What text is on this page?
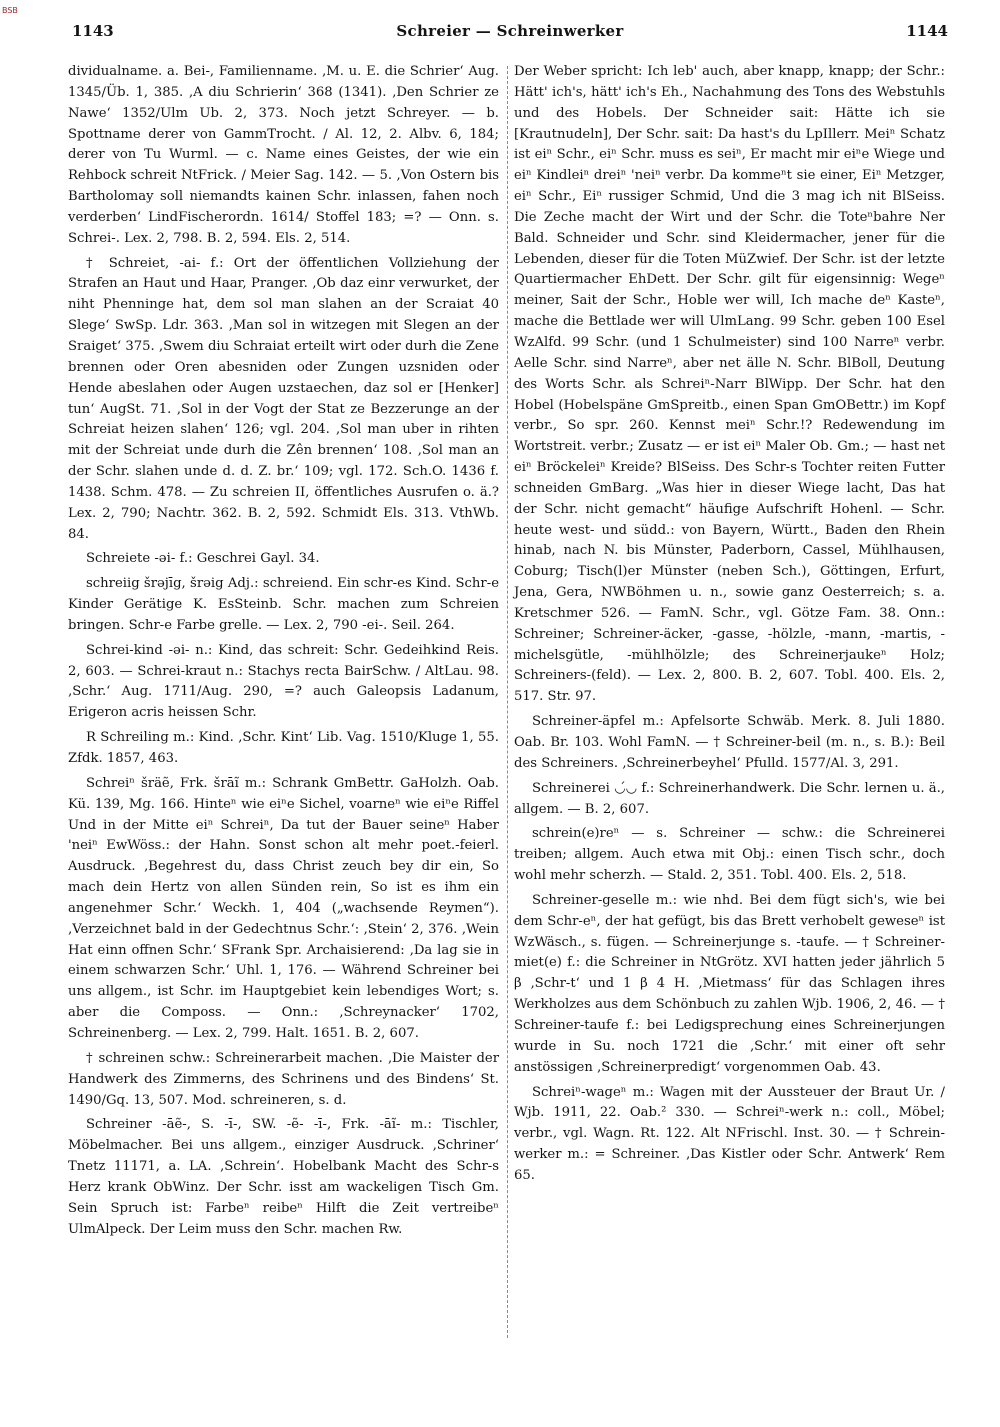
BSB
1143	Schreier — Schreinwerker	1144

dividualname. a. Bei-, Familienname. ‚M. u. E. die Schrier‘ Aug. 1345/Üb. 1, 385. ‚A diu Schrierin‘ 368 (1341). ‚Den Schrier ze Nawe‘ 1352/Ulm Ub. 2, 373. Noch jetzt Schreyer. — b. Spottname derer von GammTrocht. / Al. 12, 2. Albv. 6, 184; derer von Tu Wurml. — c. Name eines Geistes, der wie ein Rehbock schreit NtFrick. / Meier Sag. 142. — 5. ‚Von Ostern bis Bartholomay soll niemandts kainen Schr. inlassen, fahen noch verderben‘ LindFischerordn. 1614/ Stoffel 183; =? — Onn. s. Schrei-. Lex. 2, 798. B. 2, 594. Els. 2, 514.

† Schreiet, -ai- f.: Ort der öffentlichen Vollziehung der Strafen an Haut und Haar, Pranger. ‚Ob daz einr verwurket, der niht Phenninge hat, dem sol man slahen an der Scraiat 40 Slege‘ SwSp. Ldr. 363. ‚Man sol in witzegen mit Slegen an der Sraiget‘ 375. ‚Swem diu Schraiat erteilt wirt oder durh die Zene brennen oder Oren abesniden oder Zungen uzsniden oder Hende abeslahen oder Augen uzstaechen, daz sol er [Henker] tun‘ AugSt. 71. ‚Sol in der Vogt der Stat ze Bezzerunge an der Schreiat heizen slahen‘ 126; vgl. 204. ‚Sol man uber in rihten mit der Schreiat unde durh die Zên brennen‘ 108. ‚Sol man an der Schr. slahen unde d. d. Z. br.‘ 109; vgl. 172. Sch.O. 1436 f. 1438. Schm. 478. — Zu schreien II, öffentliches Ausrufen o. ä.? Lex. 2, 790; Nachtr. 362. B. 2, 592. Schmidt Els. 313. VthWb. 84.

Schreiete -əi- f.: Geschrei Gayl. 34.

schreiig šrəjīg, šrəig Adj.: schreiend. Ein schr-es Kind. Schr-e Kinder Gerätige K. EsSteinb. Schr. machen zum Schreien bringen. Schr-e Farbe grelle. — Lex. 2, 790 -ei-. Seil. 264.

Schrei-kind -əi- n.: Kind, das schreit: Schr. Gedeihkind Reis. 2, 603. — Schrei-kraut n.: Stachys recta BairSchw. / AltLau. 98. ‚Schr.‘ Aug. 1711/Aug. 290, =? auch Galeopsis Ladanum, Erigeron acris heissen Schr.

R Schreiling m.: Kind. ‚Schr. Kint‘ Lib. Vag. 1510/Kluge 1, 55. Zfdk. 1857, 463.

Schreiⁿ šräẽ, Frk. šrāĩ m.: Schrank GmBettr. GaHolzh. Oab. Kü. 139, Mg. 166. Hinteⁿ wie eiⁿe Sichel, voarneⁿ wie eiⁿe Riffel Und in der Mitte eiⁿ Schreiⁿ, Da tut der Bauer seineⁿ Haber 'neiⁿ EwWöss.: der Hahn. Sonst schon alt mehr poet.-feierl. Ausdruck. ‚Begehrest du, dass Christ zeuch bey dir ein, So mach dein Hertz von allen Sünden rein, So ist es ihm ein angenehmer Schr.‘ Weckh. 1, 404 („wachsende Reymen“). ‚Verzeichnet bald in der Gedechtnus Schr.‘: ‚Stein‘ 2, 376. ‚Wein Hat einn offnen Schr.‘ SFrank Spr. Archaisierend: ‚Da lag sie in einem schwarzen Schr.‘ Uhl. 1, 176. — Während Schreiner bei uns allgem., ist Schr. im Hauptgebiet kein lebendiges Wort; s. aber die Composs. — Onn.: ‚Schreynacker‘ 1702, Schreinenberg. — Lex. 2, 799. Halt. 1651. B. 2, 607.

† schreinen schw.: Schreinerarbeit machen. ‚Die Maister der Handwerk des Zimmerns, des Schrinens und des Bindens‘ St. 1490/Gq. 13, 507. Mod. schreineren, s. d.

Schreiner -āẽ-, S. -ī-, SW. -ẽ- -ī-, Frk. -āĩ- m.: Tischler, Möbelmacher. Bei uns allgem., einziger Ausdruck. ‚Schriner‘ Tnetz 11171, a. LA. ‚Schrein‘. Hobelbank Macht des Schr-s Herz krank ObWinz. Der Schr. isst am wackeligen Tisch Gm. Sein Spruch ist: Farbeⁿ reibeⁿ Hilft die Zeit vertreibeⁿ UlmAlpeck. Der Leim muss den Schr. machen Rw.

Der Weber spricht: Ich leb' auch, aber knapp, knapp; der Schr.: Hätt' ich's, hätt' ich's Eh., Nachahmung des Tons des Webstuhls und des Hobels. Der Schneider sait: Hätte ich sie [Krautnudeln], Der Schr. sait: Da hast's du LpIllerr. Meiⁿ Schatz ist eiⁿ Schr., eiⁿ Schr. muss es seiⁿ, Er macht mir eiⁿe Wiege und eiⁿ Kindleiⁿ dreiⁿ 'neiⁿ verbr. Da kommeⁿt sie einer, Eiⁿ Metzger, eiⁿ Schr., Eiⁿ russiger Schmid, Und die 3 mag ich nit BlSeiss. Die Zeche macht der Wirt und der Schr. die Toteⁿbahre Ner Bald. Schneider und Schr. sind Kleidermacher, jener für die Lebenden, dieser für die Toten MüZwief. Der Schr. ist der letzte Quartiermacher EhDett. Der Schr. gilt für eigensinnig: Wegeⁿ meiner, Sait der Schr., Hoble wer will, Ich mache deⁿ Kasteⁿ, mache die Bettlade wer will UlmLang. 99 Schr. geben 100 Esel WzAlfd. 99 Schr. (und 1 Schulmeister) sind 100 Narreⁿ verbr. Aelle Schr. sind Narreⁿ, aber net älle N. Schr. BlBoll, Deutung des Worts Schr. als Schreiⁿ-Narr BlWipp. Der Schr. hat den Hobel (Hobelspäne GmSpreitb., einen Span GmOBettr.) im Kopf verbr., So spr. 260. Kennst meiⁿ Schr.!? Redewendung im Wortstreit. verbr.; Zusatz — er ist eiⁿ Maler Ob. Gm.; — hast net eiⁿ Bröckeleiⁿ Kreide? BlSeiss. Des Schr-s Tochter reiten Futter schneiden GmBarg. „Was hier in dieser Wiege lacht, Das hat der Schr. nicht gemacht“ häufige Aufschrift Hohenl. — Schr. heute west- und südd.: von Bayern, Württ., Baden den Rhein hinab, nach N. bis Münster, Paderborn, Cassel, Mühlhausen, Coburg; Tisch(l)er Münster (neben Sch.), Göttingen, Erfurt, Jena, Gera, NWBöhmen u. n., sowie ganz Oesterreich; s. a. Kretschmer 526. — FamN. Schr., vgl. Götze Fam. 38. Onn.: Schreiner; Schreiner-äcker, -gasse, -hölzle, -mann, -martis, -michelsgütle, -mühlhölzle; des Schreinerjaukeⁿ Holz; Schreiners-(feld). — Lex. 2, 800. B. 2, 607. Tobl. 400. Els. 2, 517. Str. 97.

Schreiner-äpfel m.: Apfelsorte Schwäb. Merk. 8. Juli 1880. Oab. Br. 103. Wohl FamN. — † Schreiner-beil (m. n., s. B.): Beil des Schreiners. ‚Schreinerbeyhel‘ Pfulld. 1577/Al. 3, 291.

Schreinerei ◡́◡ f.: Schreinerhandwerk. Die Schr. lernen u. ä., allgem. — B. 2, 607.

schrein(e)reⁿ — s. Schreiner — schw.: die Schreinerei treiben; allgem. Auch etwa mit Obj.: einen Tisch schr., doch wohl mehr scherzh. — Stald. 2, 351. Tobl. 400. Els. 2, 518.

Schreiner-geselle m.: wie nhd. Bei dem fügt sich's, wie bei dem Schr-eⁿ, der hat gefügt, bis das Brett verhobelt geweseⁿ ist WzWäsch., s. fügen. — Schreinerjunge s. -taufe. — † Schreiner-miet(e) f.: die Schreiner in NtGrötz. XVI hatten jeder jährlich 5 β ‚Schr-t‘ und 1 β 4 H. ‚Mietmass‘ für das Schlagen ihres Werkholzes aus dem Schönbuch zu zahlen Wjb. 1906, 2, 46. — † Schreiner-taufe f.: bei Ledigsprechung eines Schreinerjungen wurde in Su. noch 1721 die ‚Schr.‘ mit einer oft sehr anstössigen ‚Schreinerpredigt‘ vorgenommen Oab. 43.

Schreiⁿ-wageⁿ m.: Wagen mit der Aussteuer der Braut Ur. / Wjb. 1911, 22. Oab.² 330. — Schreiⁿ-werk n.: coll., Möbel; verbr., vgl. Wagn. Rt. 122. Alt NFrischl. Inst. 30. — † Schrein-werker m.: = Schreiner. ‚Das Kistler oder Schr. Antwerk‘ Rem 65.
